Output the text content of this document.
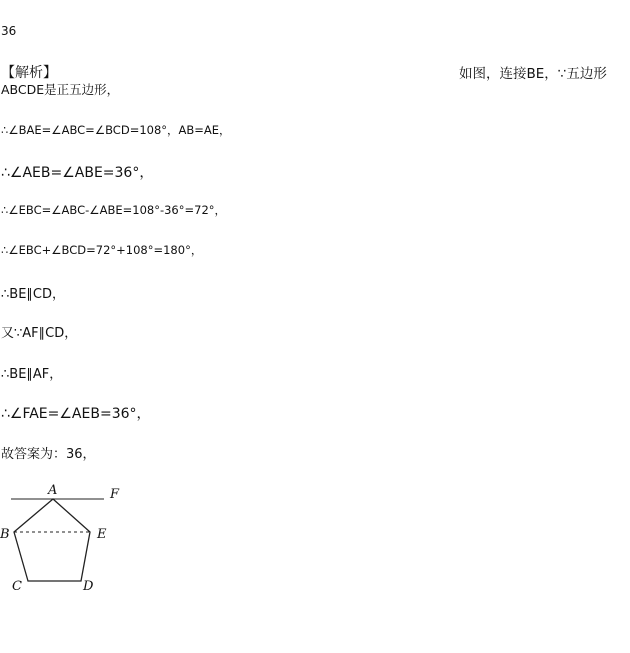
36
【解析】	如图，连接BE，∵五边形
ABCDE是正五边形，
∴∠BAE=∠ABC=∠BCD=108°，AB=AE，
∴∠AEB=∠ABE=36°，
∴∠EBC=∠ABC-∠ABE=108°-36°=72°，
∴∠EBC+∠BCD=72°+108°=180°，
∴BE∥CD，
又∵AF∥CD，
∴BE∥AF，
∴∠FAE=∠AEB=36°，
故答案为：36，
A	F
B	E
C	D
